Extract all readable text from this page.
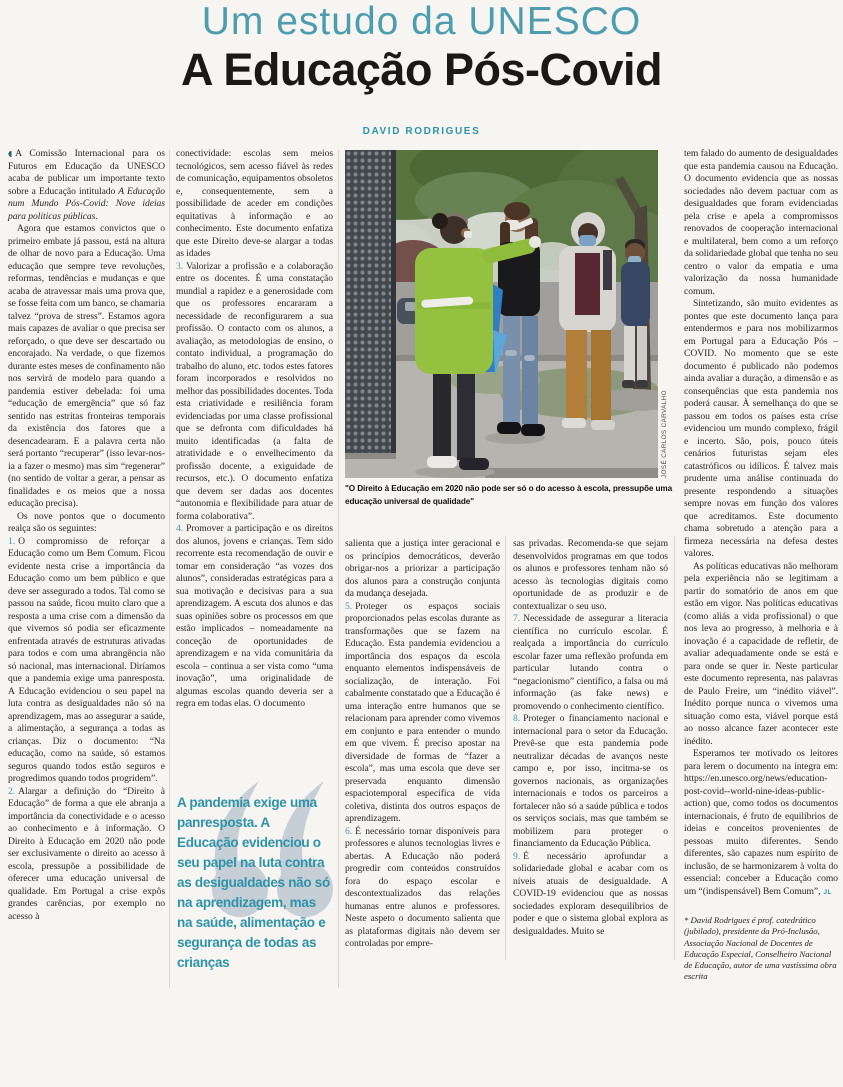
Um estudo da UNESCO
A Educação Pós-Covid
DAVID RODRIGUES

◖ A Comissão Internacional para os Futuros em Educação da UNESCO acaba de publicar um importante texto sobre a Educação intitulado A Educação num Mundo Pós-Covid: Nove ideias para políticas públicas.

Agora que estamos convictos que o primeiro embate já passou, está na altura de olhar de novo para a Educação. Uma educação que sempre teve revoluções, reformas, tendências e mudanças e que acaba de atravessar mais uma prova que, se fosse feita com um banco, se chamaria talvez “prova de stress”. Estamos agora mais capazes de avaliar o que precisa ser reforçado, o que deve ser descartado ou encorajado. Na verdade, o que fizemos durante estes meses de confinamento não nos servirá de modelo para quando a pandemia estiver debelada: foi uma “educação de emergência” que só faz sentido nas estritas fronteiras temporais da existência dos fatores que a desencadearam. E a palavra certa não será portanto “recuperar” (isso levar-nos-ia a fazer o mesmo) mas sim “regenerar” (no sentido de voltar a gerar, a pensar as finalidades e os meios que a nossa educação precisa).

Os nove pontos que o documento realça são os seguintes:

1. O compromisso de reforçar a Educação como um Bem Comum. Ficou evidente nesta crise a importância da Educação como um bem público e que deve ser assegurado a todos. Tal como se passou na saúde, ficou muito claro que a resposta a uma crise com a dimensão da que vivemos só podia ser eficazmente enfrentada através de estruturas ativadas para todos e com uma abrangência não só nacional, mas internacional. Diríamos que a pandemia exige uma panresposta. A Educação evidenciou o seu papel na luta contra as desigualdades não só na aprendizagem, mas ao assegurar a saúde, a alimentação, a segurança a todas as crianças. Diz o documento: “Na educação, como na saúde, só estamos seguros quando todos estão seguros e progredimos quando todos progridem”.

2. Alargar a definição do “Direito à Educação” de forma a que ele abranja a importância da conectividade e o acesso ao conhecimento e à informação. O Direito à Educação em 2020 não pode ser exclusivamente o direito ao acesso à escola, pressupõe a possibilidade de oferecer uma educação universal de qualidade. Em Portugal a crise expôs grandes carências, por exemplo no acesso à

conectividade: escolas sem meios tecnológicos, sem acesso fiável às redes de comunicação, equipamentos obsoletos e, consequentemente, sem a possibilidade de aceder em condições equitativas à informação e ao conhecimento. Este documento enfatiza que este Direito deve-se alargar a todas as idades

3. Valorizar a profissão e a colaboração entre os docentes. É uma constatação mundial a rapidez e a generosidade com que os professores encararam a necessidade de reconfigurarem a sua profissão. O contacto com os alunos, a avaliação, as metodologias de ensino, o contato individual, a programação do trabalho do aluno, etc. todos estes fatores foram incorporados e resolvidos no melhor das possibilidades docentes. Toda esta criatividade e resiliência foram evidenciadas por uma classe profissional que se defronta com dificuldades há muito identificadas (a falta de atratividade e o envelhecimento da profissão docente, a exiguidade de recursos, etc.). O documento enfatiza que devem ser dadas aos docentes “autonomia e flexibilidade para atuar de forma colaborativa”.

4. Promover a participação e os direitos dos alunos, jovens e crianças. Tem sido recorrente esta recomendação de ouvir e tomar em consideração “as vozes dos alunos”, consideradas estratégicas para a sua motivação e decisivas para a sua aprendizagem. A escuta dos alunos e das suas opiniões sobre os processos em que estão implicados – nomeadamente na conceção de oportunidades de aprendizagem e na vida comunitária da escola – continua a ser vista como “uma inovação”, uma originalidade de algumas escolas quando deveria ser a regra em todas elas. O documento

"O Direito à Educação em 2020 não pode ser só o do acesso à escola, pressupõe uma educação universal de qualidade"

JOSÉ CARLOS CARVALHO

salienta que a justiça inter geracional e os princípios democráticos, deverão obrigar-nos a priorizar a participação dos alunos para a construção conjunta da mudança desejada.

5. Proteger os espaços sociais proporcionados pelas escolas durante as transformações que se fazem na Educação. Esta pandemia evidenciou a importância dos espaços da escola enquanto elementos indispensáveis de socialização, de interação. Foi cabalmente constatado que a Educação é uma interação entre humanos que se relacionam para aprender como vivemos em conjunto e para entender o mundo em que vivem. É preciso apostar na diversidade de formas de “fazer a escola”, mas uma escola que deve ser preservada enquanto dimensão espaciotemporal específica de vida coletiva, distinta dos outros espaços de aprendizagem.

6. É necessário tornar disponíveis para professores e alunos tecnologias livres e abertas. A Educação não poderá progredir com conteúdos construídos fora do espaço escolar e descontextualizados das relações humanas entre alunos e professores. Neste aspeto o documento salienta que as plataformas digitais não devem ser controladas por empre-

sas privadas. Recomenda-se que sejam desenvolvidos programas em que todos os alunos e professores tenham não só acesso às tecnologias digitais como oportunidade de as produzir e de contextualizar o seu uso.

7. Necessidade de assegurar a literacia científica no currículo escolar. É realçada a importância do currículo escolar fazer uma reflexão profunda em particular lutando contra o “negacionismo” científico, a falsa ou má informação (as fake news) e promovendo o conhecimento científico.

8. Proteger o financiamento nacional e internacional para o setor da Educação. Prevê-se que esta pandemia pode neutralizar décadas de avanços neste campo e, por isso, incitma-se os governos nacionais, as organizações internacionais e todos os parceiros a fortalecer não só a saúde pública e todos os serviços sociais, mas que também se mobilizem para proteger o financiamento da Educação Pública.

9. É necessário aprofundar a solidariedade global e acabar com os níveis atuais de desigualdade. A COVID-19 evidenciou que as nossas sociedades exploram desequilíbrios de poder e que o sistema global explora as desigualdades. Muito se

tem falado do aumento de desigualdades que esta pandemia causou na Educação. O documento evidencia que as nossas sociedades não devem pactuar com as desigualdades que foram evidenciadas pela crise e apela a compromissos renovados de cooperação internacional e multilateral, bem como a um reforço da solidariedade global que tenha no seu centro o valor da empatia e uma valorização da nossa humanidade comum.

Sintetizando, são muito evidentes as pontes que este documento lança para entendermos e para nos mobilizarmos em Portugal para a Educação Pós – COVID. No momento que se este documento é publicado não podemos ainda avaliar a duração, a dimensão e as consequências que esta pandemia nos poderá causar. À semelhança do que se passou em todos os países esta crise evidenciou um mundo complexo, frágil e incerto. São, pois, pouco úteis cenários futuristas sejam eles catastróficos ou idílicos. É talvez mais prudente uma análise continuada do presente respondendo a situações sempre novas em função dos valores que acreditamos. Este documento chama sobretudo a atenção para a firmeza necessária na defesa destes valores.

As políticas educativas não melhoram pela experiência não se legitimam a partir do somatório de anos em que estão em vigor. Nas políticas educativas (como aliás a vida profissional) o que nos leva ao progresso, à melhoria e à inovação é a capacidade de refletir, de avaliar adequadamente onde se está e para onde se quer ir. Neste particular este documento representa, nas palavras de Paulo Freire, um “inédito viável”. Inédito porque nunca o vivemos uma situação como esta, viável porque está ao nosso alcance fazer acontecer este inédito.

Esperamos ter motivado os leitores para lerem o documento na íntegra em: https://en.unesco.org/news/education-post-covid--world-nine-ideas-public-action) que, como todos os documentos internacionais, é fruto de equilíbrios de ideias e conceitos provenientes de pessoas muito diferentes. Sendo diferentes, são capazes num espírito de inclusão, de se harmonizarem à volta do essencial: conceber a Educação como um “(indispensável) Bem Comum”, JL

* David Rodrigues é prof. catedrático (jubilado), presidente da Pró-Inclusão, Associação Nacional de Docentes de Educação Especial, Conselheiro Nacional de Educação, autor de uma vastíssima obra escrita

A pandemia exige uma panresposta. A Educação evidenciou o seu papel na luta contra as desigualdades não só na aprendizagem, mas na saúde, alimentação e segurança de todas as crianças
